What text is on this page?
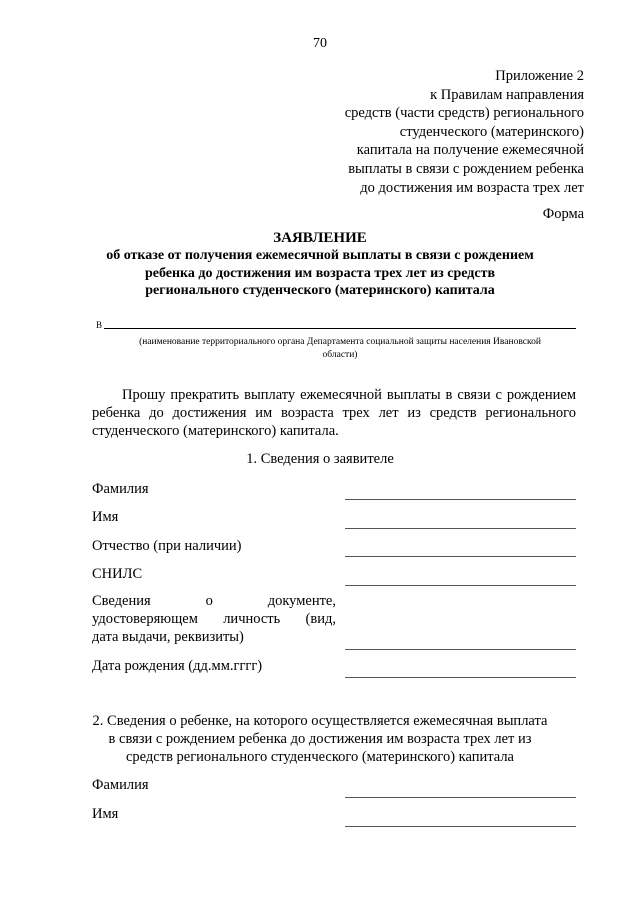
70
Приложение 2
к Правилам направления
средств (части средств) регионального
студенческого (материнского)
капитала на получение ежемесячной
выплаты в связи с рождением ребенка
до достижения им возраста трех лет
Форма
ЗАЯВЛЕНИЕ
об отказе от получения ежемесячной выплаты в связи с рождением
ребенка до достижения им возраста трех лет из средств
регионального студенческого (материнского) капитала
В
(наименование территориального органа Департамента социальной защиты населения Ивановской
области)
Прошу прекратить выплату ежемесячной выплаты в связи с рождением
ребенка до достижения им возраста трех лет из средств регионального
студенческого (материнского) капитала.
1. Сведения о заявителе
Фамилия
Имя
Отчество (при наличии)
СНИЛС
Сведения о документе,
удостоверяющем личность (вид,
дата выдачи, реквизиты)
Дата рождения (дд.мм.гггг)
2. Сведения о ребенке, на которого осуществляется ежемесячная выплата
в связи с рождением ребенка до достижения им возраста трех лет из
средств регионального студенческого (материнского) капитала
Фамилия
Имя
